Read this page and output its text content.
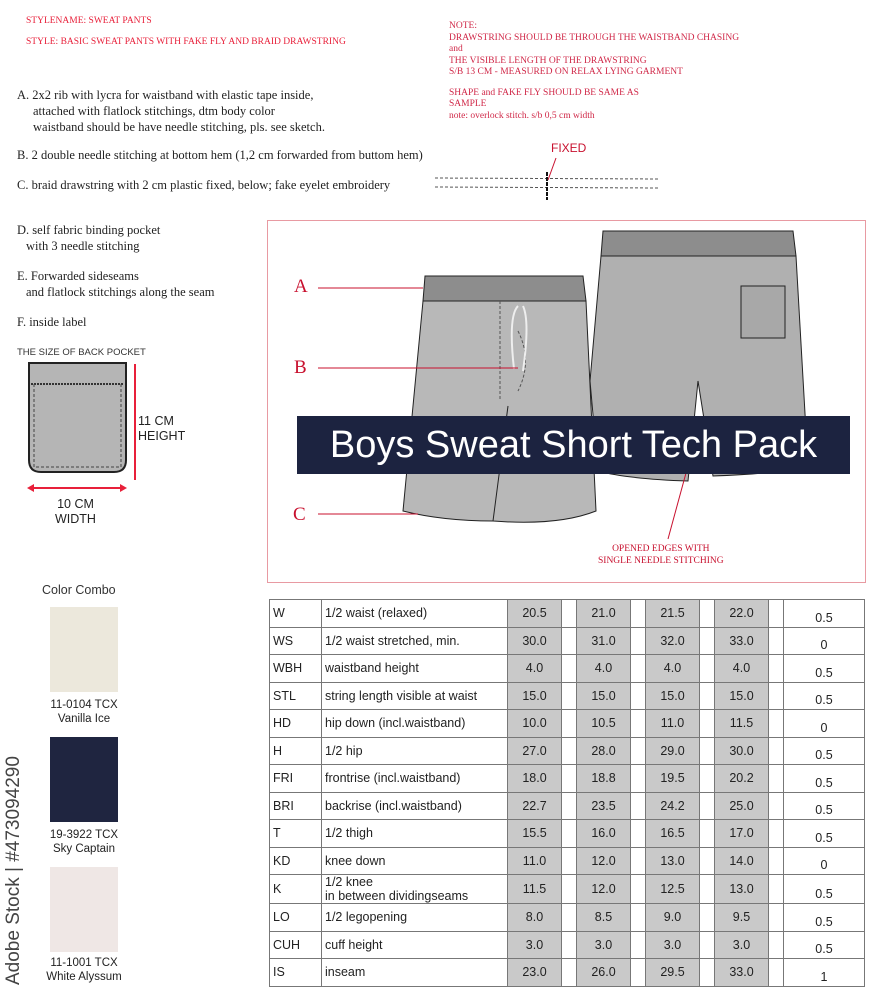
STYLENAME: SWEAT PANTS
STYLE: BASIC SWEAT PANTS WITH FAKE FLY AND BRAID DRAWSTRING
NOTE:
DRAWSTRING SHOULD BE THROUGH THE WAISTBAND CHASING
and
THE VISIBLE LENGTH OF THE DRAWSTRING
S/B 13 CM - MEASURED ON RELAX LYING GARMENT
SHAPE and FAKE FLY SHOULD BE SAME AS
SAMPLE
note: overlock stitch. s/b 0,5 cm width
FIXED
A. 2x2 rib with lycra for waistband with elastic tape inside,
attached with flatlock stitchings, dtm body color
waistband should be have needle stitching, pls. see sketch.
B. 2 double needle stitching at bottom hem (1,2 cm forwarded from buttom hem)
C. braid drawstring with 2 cm plastic fixed, below; fake eyelet embroidery
D. self fabric binding pocket
with 3 needle stitching
E. Forwarded sideseams
and flatlock stitchings along the seam
F. inside label
THE SIZE OF BACK POCKET
11 CM
HEIGHT
10 CM
WIDTH
A
B
C
Boys Sweat Short Tech Pack
OPENED EDGES WITH
SINGLE NEEDLE STITCHING
Color Combo
11-0104 TCX
Vanilla Ice
19-3922 TCX
Sky Captain
11-1001 TCX
White Alyssum
Adobe Stock | #473094290
W	1/2 waist (relaxed)	20.5		21.0		21.5		22.0		0.5
WS	1/2 waist stretched, min.	30.0		31.0		32.0		33.0		0
WBH	waistband height	4.0		4.0		4.0		4.0		0.5
STL	string length visible at waist	15.0		15.0		15.0		15.0		0.5
HD	hip down (incl.waistband)	10.0		10.5		11.0		11.5		0
H	1/2 hip	27.0		28.0		29.0		30.0		0.5
FRI	frontrise (incl.waistband)	18.0		18.8		19.5		20.2		0.5
BRI	backrise (incl.waistband)	22.7		23.5		24.2		25.0		0.5
T	1/2 thigh	15.5		16.0		16.5		17.0		0.5
KD	knee down	11.0		12.0		13.0		14.0		0
K	1/2 knee
in between dividingseams	11.5		12.0		12.5		13.0		0.5
LO	1/2 legopening	8.0		8.5		9.0		9.5		0.5
CUH	cuff height	3.0		3.0		3.0		3.0		0.5
IS	inseam	23.0		26.0		29.5		33.0		1
